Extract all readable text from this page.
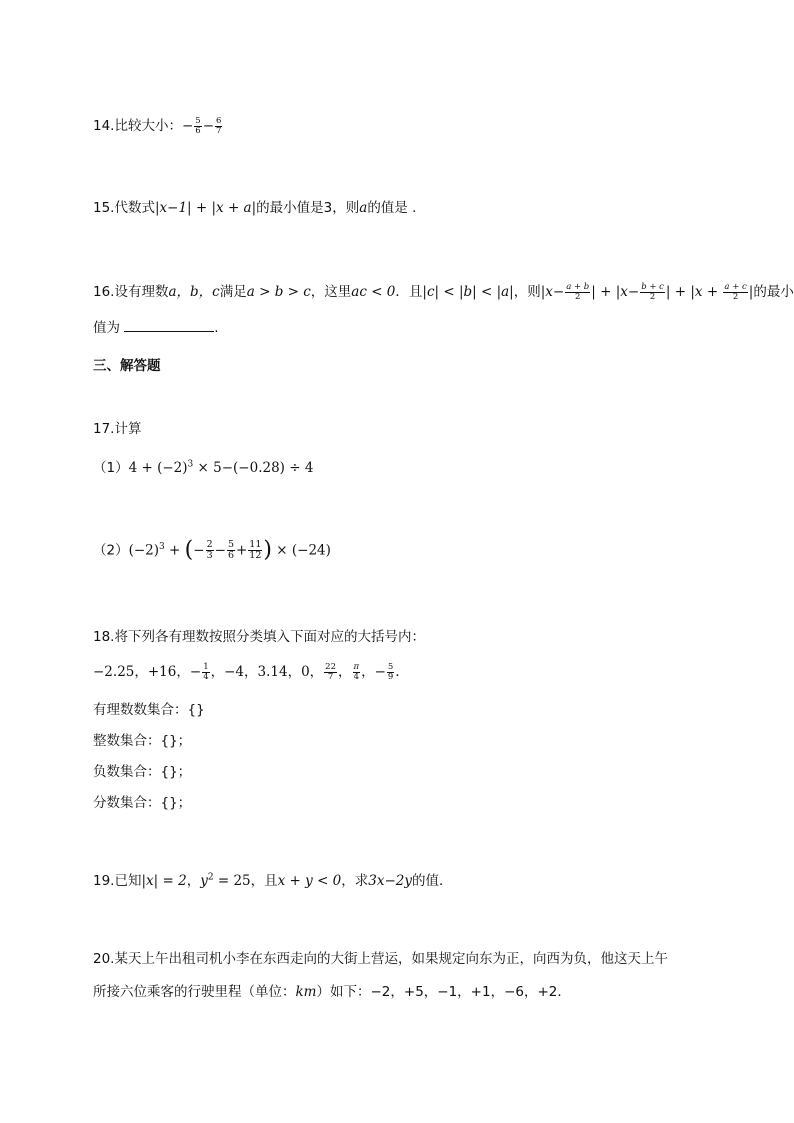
14.比较大小：− $\frac{5}{6} - \frac{6}{7}$
15.代数式|x−1| + |x + a|的最小值是3，则a的值是 .
16.设有理数a，b，c满足a > b > c，这里ac < 0．且|c| < |b| < |a|，则$|x- \frac{a + b}{2}$ | + $|x- \frac{b + c}{2}$ | + $|x + \frac{a + c}{2}$ |的最小
值为	.
三、解答题
17.计算
$(1)4 + (-2)^3 \times 5-(-0.28) \div 4$
$(2)(-2)^3$ + (− $\frac{2}{3} - \frac{5}{6} + \frac{11}{12}$ ) × (−24)
18.将下列各有理数按照分类填入下面对应的大括号内：
−2.25，+16，− $\frac{1}{4}$ ，−4，3.14，0， $\frac{22}{7}$ ， $\frac{\pi}{4}$ ，− $\frac{5}{9}$ ．
有理数数集合：{}
整数集合：{}；
负数集合：{}；
分数集合：{}；
19.已知|x| = 2，$y^2 = 25$，且x + y < 0，求3x−2y的值．
20.某天上午出租司机小李在东西走向的大街上营运，如果规定向东为正，向西为负，他这天上午
所接六位乘客的行驶里程（单位：km）如下：−2，+5，−1，+1，−6，+2．
